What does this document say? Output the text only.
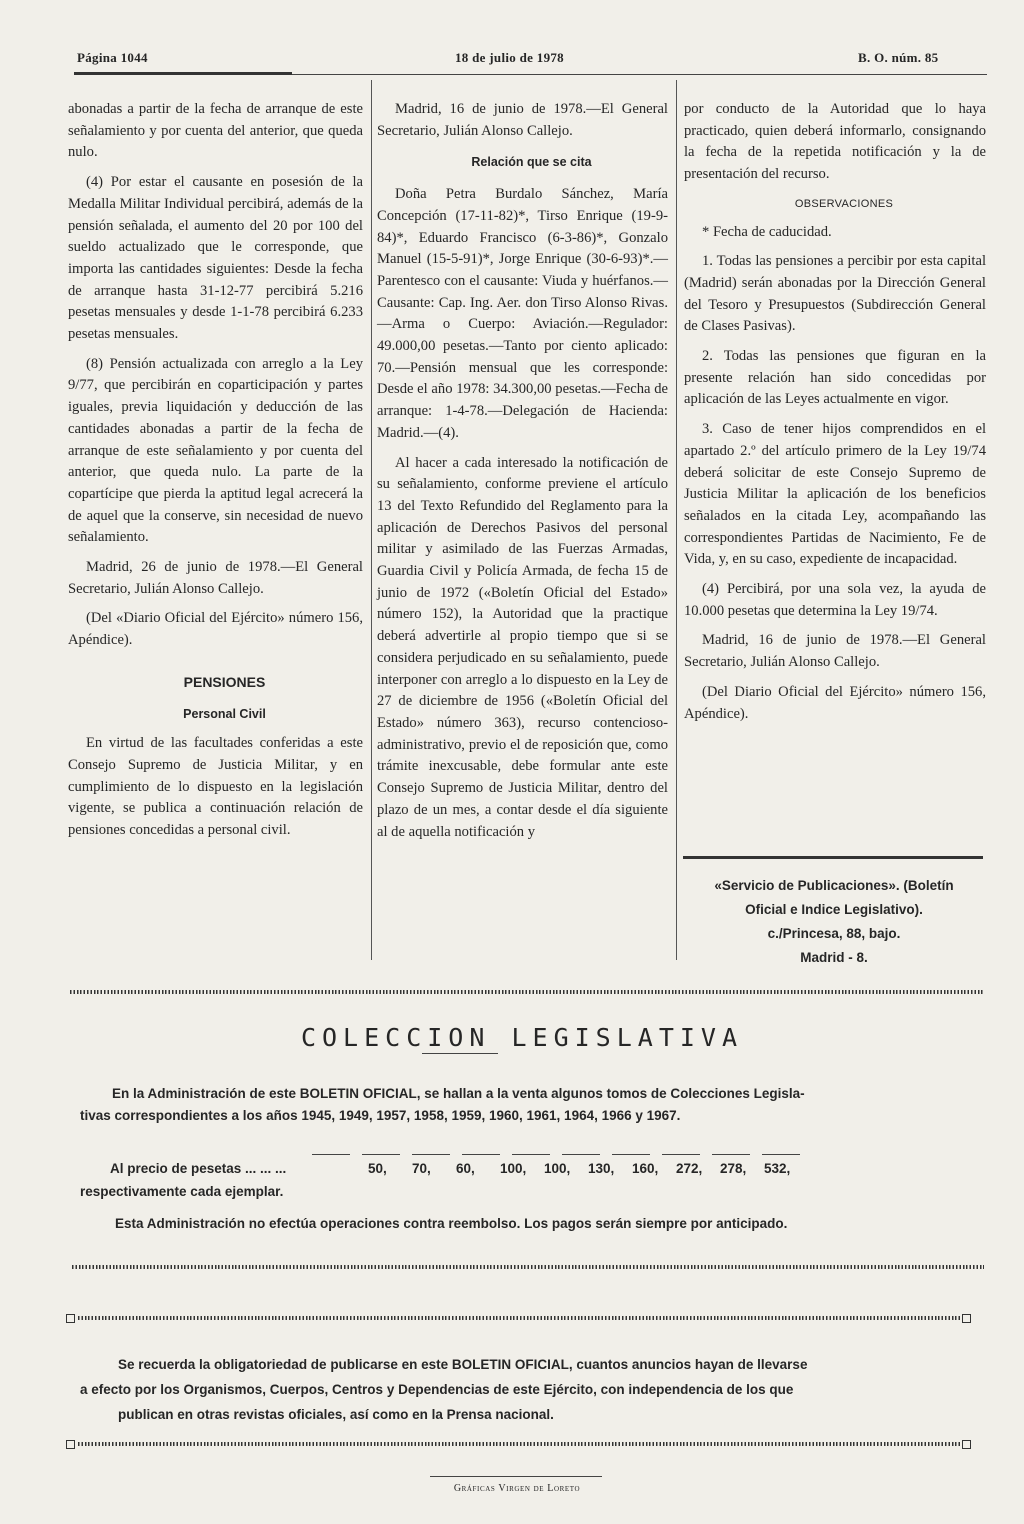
Página 1044	18 de julio de 1978	B. O. núm. 85

abonadas a partir de la fecha de arranque de este señalamiento y por cuenta del anterior, que queda nulo.

(4) Por estar el causante en posesión de la Medalla Militar Individual percibirá, además de la pensión señalada, el aumento del 20 por 100 del sueldo actualizado que le corresponde, que importa las cantidades siguientes: Desde la fecha de arranque hasta 31-12-77 percibirá 5.216 pesetas mensuales y desde 1-1-78 percibirá 6.233 pesetas mensuales.

(8) Pensión actualizada con arreglo a la Ley 9/77, que percibirán en coparticipación y partes iguales, previa liquidación y deducción de las cantidades abonadas a partir de la fecha de arranque de este señalamiento y por cuenta del anterior, que queda nulo. La parte de la copartícipe que pierda la aptitud legal acrecerá la de aquel que la conserve, sin necesidad de nuevo señalamiento.

Madrid, 26 de junio de 1978.—El General Secretario, Julián Alonso Callejo.

(Del «Diario Oficial del Ejército» número 156, Apéndice).

PENSIONES

Personal Civil

En virtud de las facultades conferidas a este Consejo Supremo de Justicia Militar, y en cumplimiento de lo dispuesto en la legislación vigente, se publica a continuación relación de pensiones concedidas a personal civil.

Madrid, 16 de junio de 1978.—El General Secretario, Julián Alonso Callejo.

Relación que se cita

Doña Petra Burdalo Sánchez, María Concepción (17-11-82)*, Tirso Enrique (19-9-84)*, Eduardo Francisco (6-3-86)*, Gonzalo Manuel (15-5-91)*, Jorge Enrique (30-6-93)*.—Parentesco con el causante: Viuda y huérfanos.—Causante: Cap. Ing. Aer. don Tirso Alonso Rivas.—Arma o Cuerpo: Aviación.—Regulador: 49.000,00 pesetas.—Tanto por ciento aplicado: 70.—Pensión mensual que les corresponde: Desde el año 1978: 34.300,00 pesetas.—Fecha de arranque: 1-4-78.—Delegación de Hacienda: Madrid.—(4).

Al hacer a cada interesado la notificación de su señalamiento, conforme previene el artículo 13 del Texto Refundido del Reglamento para la aplicación de Derechos Pasivos del personal militar y asimilado de las Fuerzas Armadas, Guardia Civil y Policía Armada, de fecha 15 de junio de 1972 («Boletín Oficial del Estado» número 152), la Autoridad que la practique deberá advertirle al propio tiempo que si se considera perjudicado en su señalamiento, puede interponer con arreglo a lo dispuesto en la Ley de 27 de diciembre de 1956 («Boletín Oficial del Estado» número 363), recurso contencioso-administrativo, previo el de reposición que, como trámite inexcusable, debe formular ante este Consejo Supremo de Justicia Militar, dentro del plazo de un mes, a contar desde el día siguiente al de aquella notificación y

por conducto de la Autoridad que lo haya practicado, quien deberá informarlo, consignando la fecha de la repetida notificación y la de presentación del recurso.

OBSERVACIONES

* Fecha de caducidad.

1. Todas las pensiones a percibir por esta capital (Madrid) serán abonadas por la Dirección General del Tesoro y Presupuestos (Subdirección General de Clases Pasivas).

2. Todas las pensiones que figuran en la presente relación han sido concedidas por aplicación de las Leyes actualmente en vigor.

3. Caso de tener hijos comprendidos en el apartado 2.º del artículo primero de la Ley 19/74 deberá solicitar de este Consejo Supremo de Justicia Militar la aplicación de los beneficios señalados en la citada Ley, acompañando las correspondientes Partidas de Nacimiento, Fe de Vida, y, en su caso, expediente de incapacidad.

(4) Percibirá, por una sola vez, la ayuda de 10.000 pesetas que determina la Ley 19/74.

Madrid, 16 de junio de 1978.—El General Secretario, Julián Alonso Callejo.

(Del Diario Oficial del Ejército» número 156, Apéndice).

«Servicio de Publicaciones». (Boletín
Oficial e Indice Legislativo).
c./Princesa, 88, bajo.
Madrid - 8.
COLECCION LEGISLATIVA
En la Administración de este BOLETIN OFICIAL, se hallan a la venta algunos tomos de Colecciones Legisla-
tivas correspondientes a los años 1945, 1949, 1957, 1958, 1959, 1960, 1961, 1964, 1966 y 1967.
Al precio de pesetas ... ... ...	50, 70, 60, 100, 100, 130, 160, 272, 278, 532,
respectivamente cada ejemplar.
Esta Administración no efectúa operaciones contra reembolso. Los pagos serán siempre por anticipado.
Se recuerda la obligatoriedad de publicarse en este BOLETIN OFICIAL, cuantos anuncios hayan de llevarse
a efecto por los Organismos, Cuerpos, Centros y Dependencias de este Ejército, con independencia de los que
publican en otras revistas oficiales, así como en la Prensa nacional.
Gráficas Virgen de Loreto
